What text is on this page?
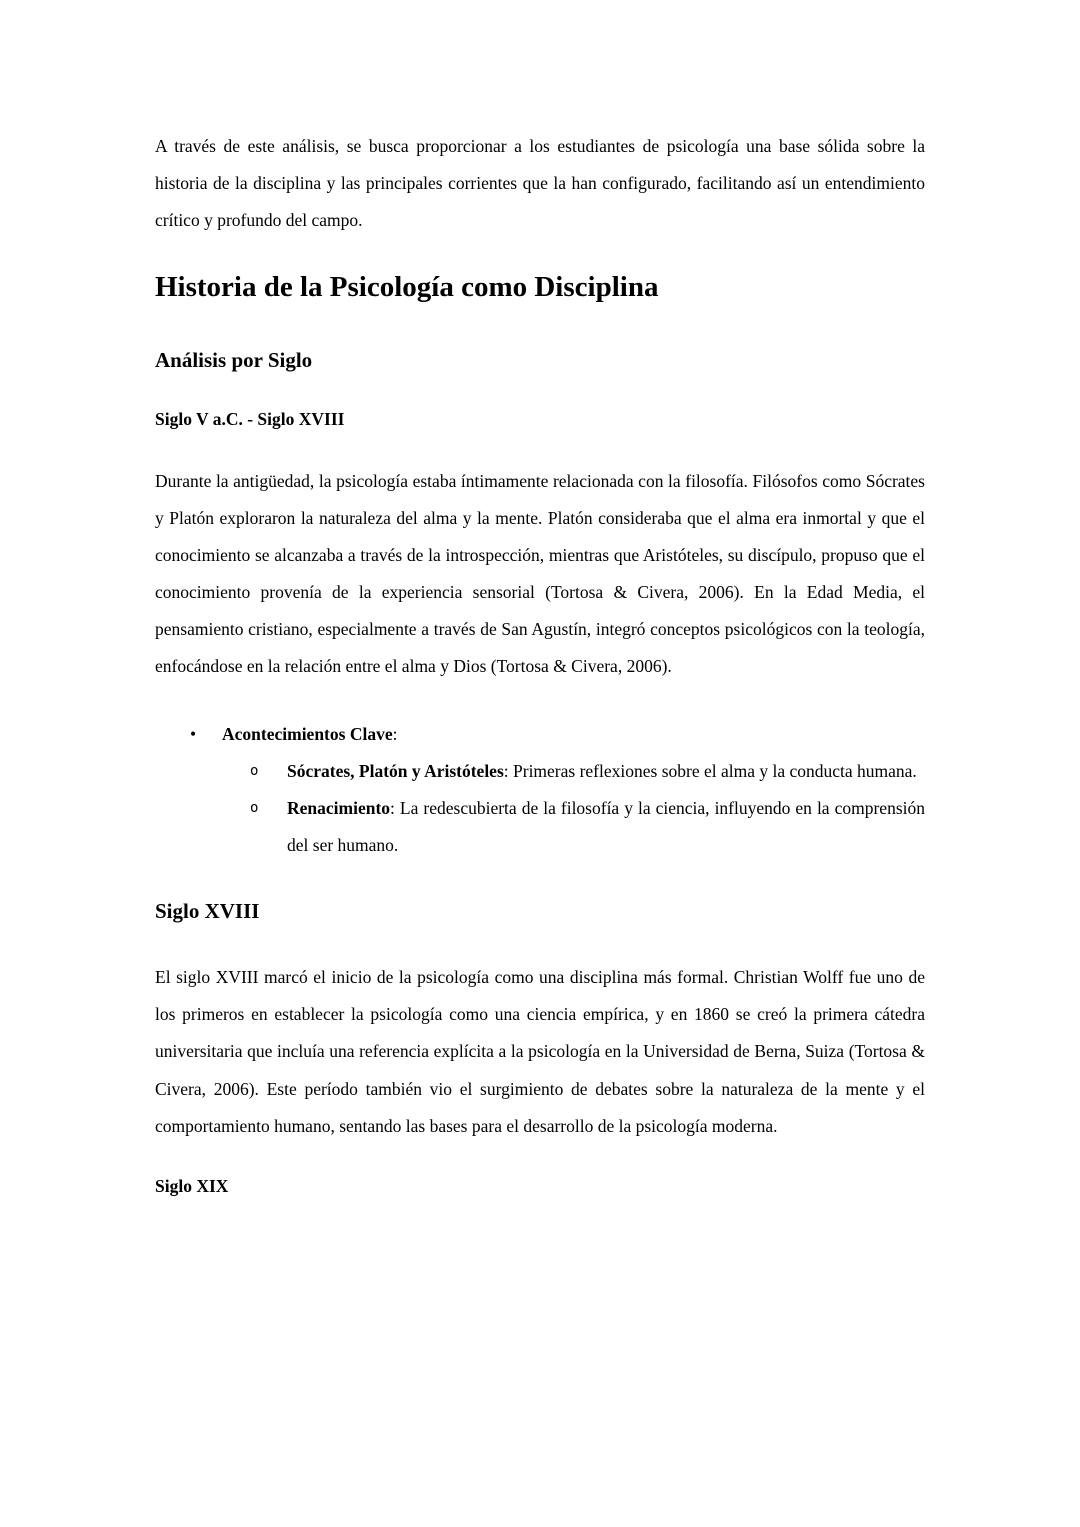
A través de este análisis, se busca proporcionar a los estudiantes de psicología una base sólida sobre la historia de la disciplina y las principales corrientes que la han configurado, facilitando así un entendimiento crítico y profundo del campo.

Historia de la Psicología como Disciplina
Análisis por Siglo
Siglo V a.C. - Siglo XVIII

Durante la antigüedad, la psicología estaba íntimamente relacionada con la filosofía. Filósofos como Sócrates y Platón exploraron la naturaleza del alma y la mente. Platón consideraba que el alma era inmortal y que el conocimiento se alcanzaba a través de la introspección, mientras que Aristóteles, su discípulo, propuso que el conocimiento provenía de la experiencia sensorial (Tortosa & Civera, 2006). En la Edad Media, el pensamiento cristiano, especialmente a través de San Agustín, integró conceptos psicológicos con la teología, enfocándose en la relación entre el alma y Dios (Tortosa & Civera, 2006).

•	Acontecimientos Clave:
o	Sócrates, Platón y Aristóteles: Primeras reflexiones sobre el alma y la conducta humana.
o	Renacimiento: La redescubierta de la filosofía y la ciencia, influyendo en la comprensión del ser humano.
Siglo XVIII

El siglo XVIII marcó el inicio de la psicología como una disciplina más formal. Christian Wolff fue uno de los primeros en establecer la psicología como una ciencia empírica, y en 1860 se creó la primera cátedra universitaria que incluía una referencia explícita a la psicología en la Universidad de Berna, Suiza (Tortosa & Civera, 2006). Este período también vio el surgimiento de debates sobre la naturaleza de la mente y el comportamiento humano, sentando las bases para el desarrollo de la psicología moderna.

Siglo XIX
